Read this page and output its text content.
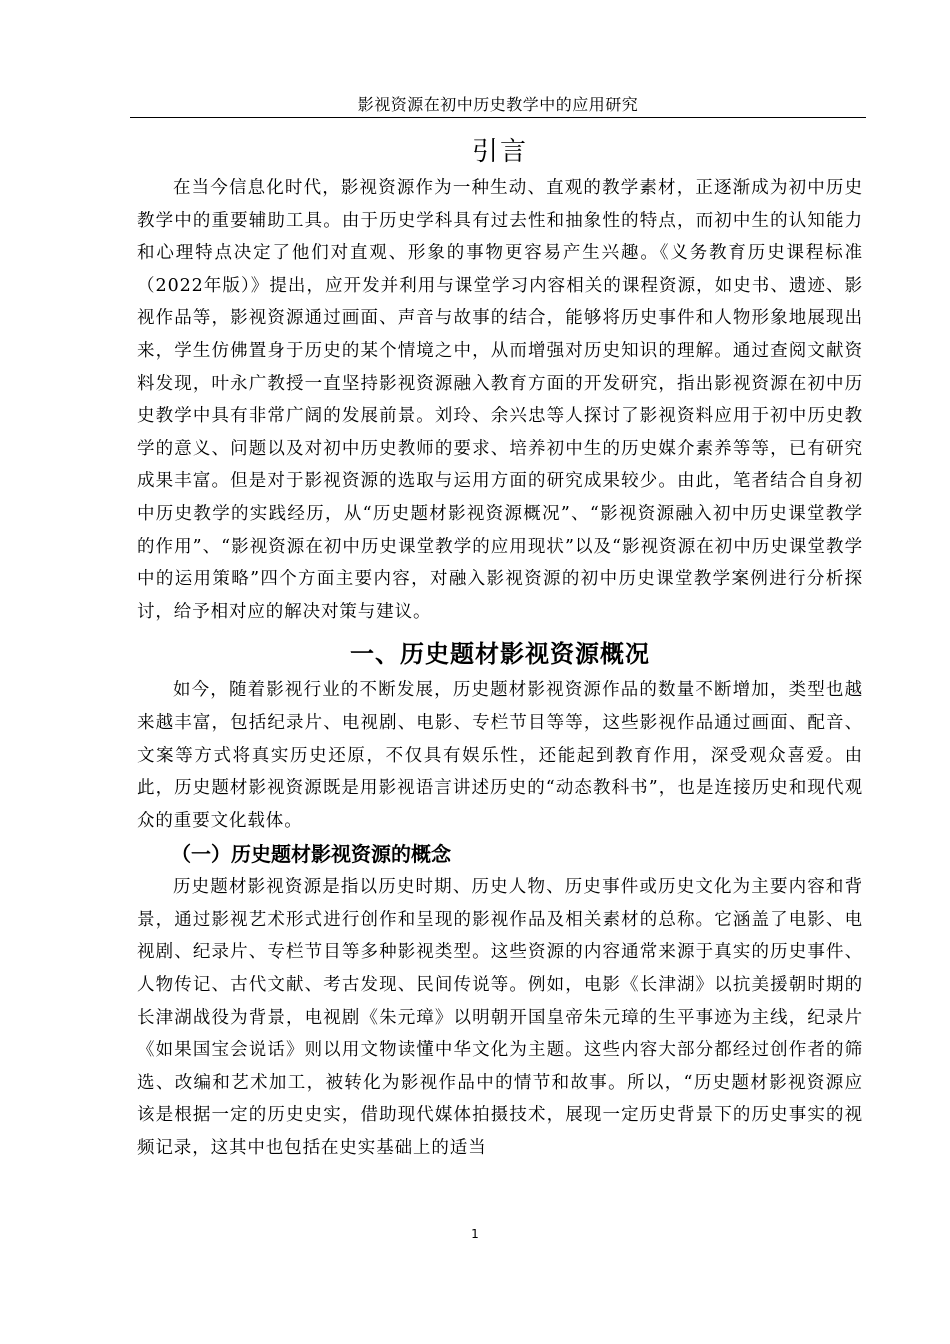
影视资源在初中历史教学中的应用研究
引言

在当今信息化时代，影视资源作为一种生动、直观的教学素材，正逐渐成为初中历史教学中的重要辅助工具。由于历史学科具有过去性和抽象性的特点，而初中生的认知能力和心理特点决定了他们对直观、形象的事物更容易产生兴趣。《义务教育历史课程标准（2022年版）》提出，应开发并利用与课堂学习内容相关的课程资源，如史书、遗迹、影视作品等，影视资源通过画面、声音与故事的结合，能够将历史事件和人物形象地展现出来，学生仿佛置身于历史的某个情境之中，从而增强对历史知识的理解。通过查阅文献资料发现，叶永广教授一直坚持影视资源融入教育方面的开发研究，指出影视资源在初中历史教学中具有非常广阔的发展前景。刘玲、余兴忠等人探讨了影视资料应用于初中历史教学的意义、问题以及对初中历史教师的要求、培养初中生的历史媒介素养等等，已有研究成果丰富。但是对于影视资源的选取与运用方面的研究成果较少。由此，笔者结合自身初中历史教学的实践经历，从“历史题材影视资源概况”、“影视资源融入初中历史课堂教学的作用”、“影视资源在初中历史课堂教学的应用现状”以及“影视资源在初中历史课堂教学中的运用策略”四个方面主要内容，对融入影视资源的初中历史课堂教学案例进行分析探讨，给予相对应的解决对策与建议。

一、历史题材影视资源概况

如今，随着影视行业的不断发展，历史题材影视资源作品的数量不断增加，类型也越来越丰富，包括纪录片、电视剧、电影、专栏节目等等，这些影视作品通过画面、配音、文案等方式将真实历史还原，不仅具有娱乐性，还能起到教育作用，深受观众喜爱。由此，历史题材影视资源既是用影视语言讲述历史的“动态教科书”，也是连接历史和现代观众的重要文化载体。

（一）历史题材影视资源的概念

历史题材影视资源是指以历史时期、历史人物、历史事件或历史文化为主要内容和背景，通过影视艺术形式进行创作和呈现的影视作品及相关素材的总称。它涵盖了电影、电视剧、纪录片、专栏节目等多种影视类型。这些资源的内容通常来源于真实的历史事件、人物传记、古代文献、考古发现、民间传说等。例如，电影《长津湖》以抗美援朝时期的长津湖战役为背景，电视剧《朱元璋》以明朝开国皇帝朱元璋的生平事迹为主线，纪录片《如果国宝会说话》则以用文物读懂中华文化为主题。这些内容大部分都经过创作者的筛选、改编和艺术加工，被转化为影视作品中的情节和故事。所以，“历史题材影视资源应该是根据一定的历史史实，借助现代媒体拍摄技术，展现一定历史背景下的历史事实的视频记录，这其中也包括在史实基础上的适当

1
